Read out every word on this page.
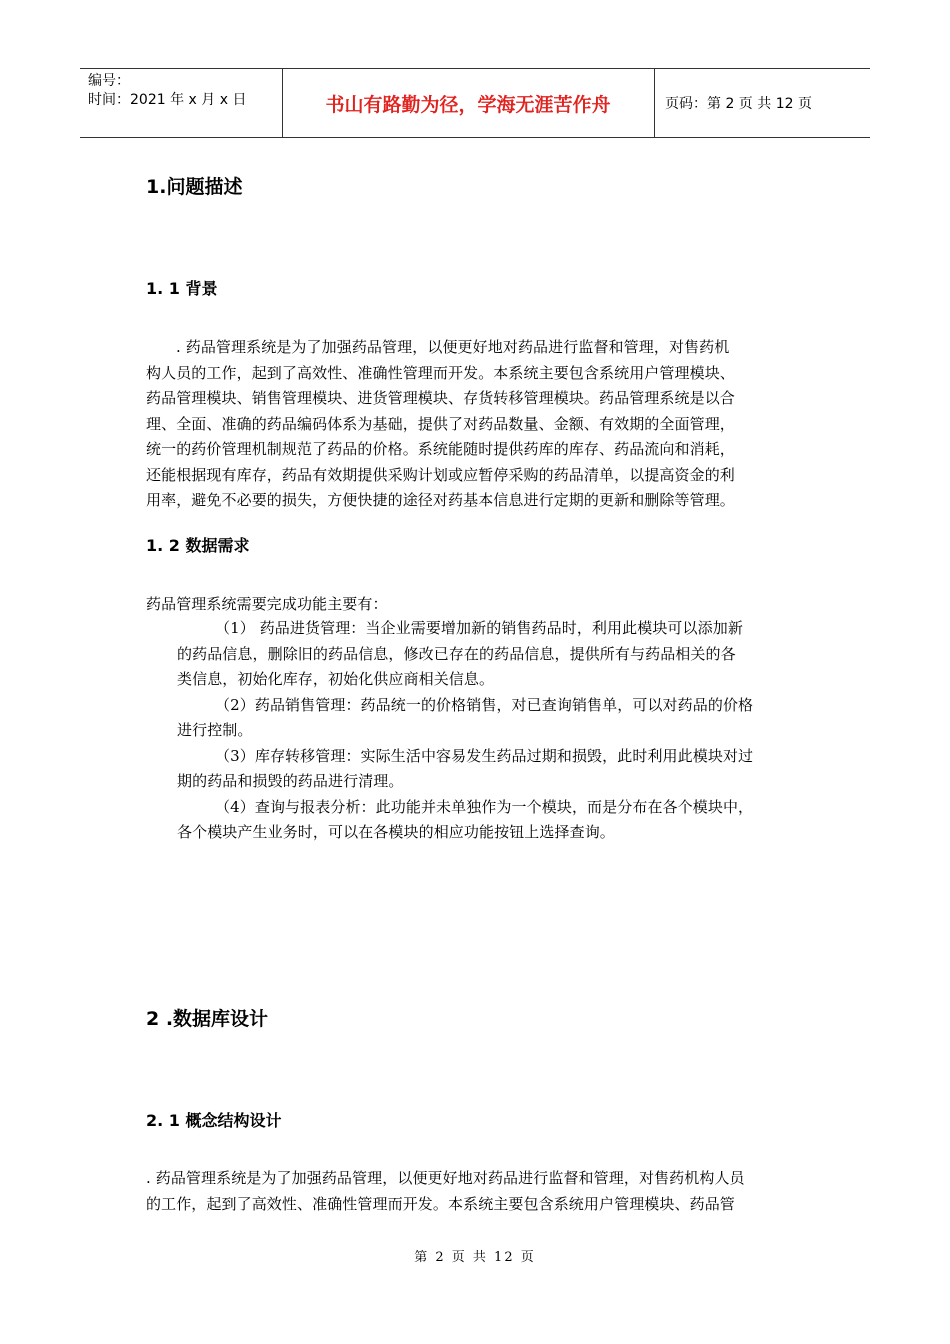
编号：
时间：2021 年 x 月 x 日	书山有路勤为径，学海无涯苦作舟	页码：第 2 页 共 12 页
1.问题描述
1. 1 背景
. 药品管理系统是为了加强药品管理，以便更好地对药品进行监督和管理，对售药机
构人员的工作，起到了高效性、准确性管理而开发。本系统主要包含系统用户管理模块、
药品管理模块、销售管理模块、进货管理模块、存货转移管理模块。药品管理系统是以合
理、全面、准确的药品编码体系为基础，提供了对药品数量、金额、有效期的全面管理，
统一的药价管理机制规范了药品的价格。系统能随时提供药库的库存、药品流向和消耗，
还能根据现有库存，药品有效期提供采购计划或应暂停采购的药品清单，以提高资金的利
用率，避免不必要的损失，方便快捷的途径对药基本信息进行定期的更新和删除等管理。
1. 2 数据需求
药品管理系统需要完成功能主要有：
（1） 药品进货管理：当企业需要增加新的销售药品时，利用此模块可以添加新
的药品信息，删除旧的药品信息，修改已存在的药品信息，提供所有与药品相关的各
类信息，初始化库存，初始化供应商相关信息。
（2）药品销售管理：药品统一的价格销售，对已查询销售单，可以对药品的价格
进行控制。
（3）库存转移管理：实际生活中容易发生药品过期和损毁，此时利用此模块对过
期的药品和损毁的药品进行清理。
（4）查询与报表分析：此功能并未单独作为一个模块，而是分布在各个模块中，
各个模块产生业务时，可以在各模块的相应功能按钮上选择查询。
2 .数据库设计
2. 1 概念结构设计
. 药品管理系统是为了加强药品管理，以便更好地对药品进行监督和管理，对售药机构人员
的工作，起到了高效性、准确性管理而开发。本系统主要包含系统用户管理模块、药品管
第 2 页 共 12 页
